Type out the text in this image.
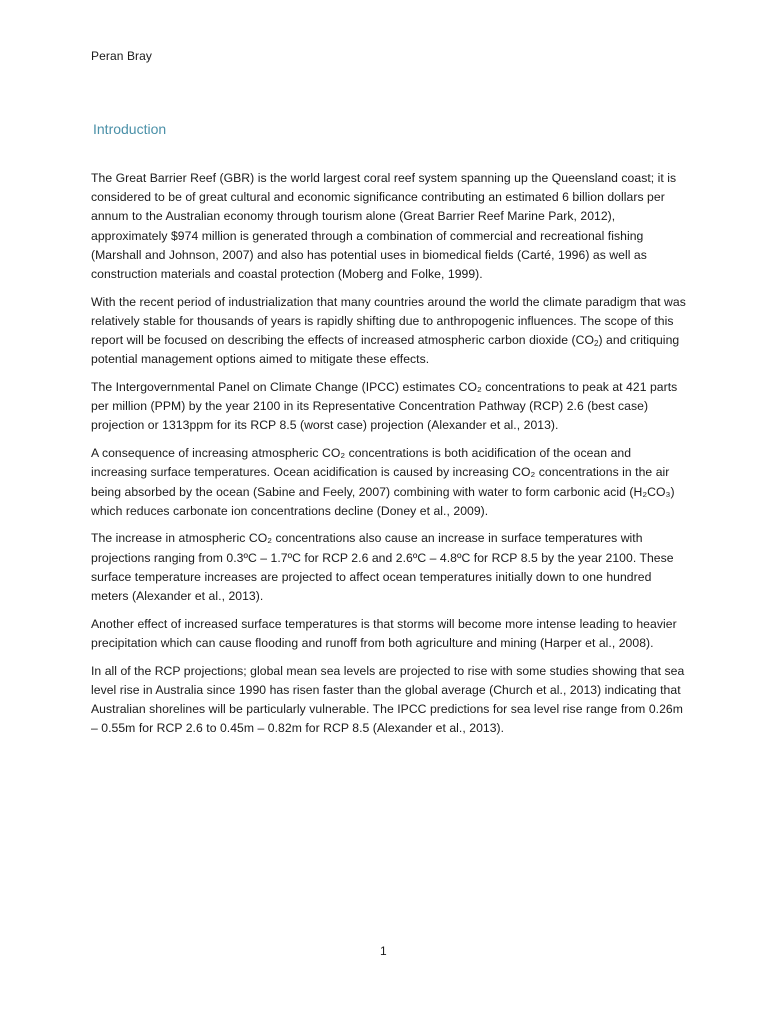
Peran Bray
Introduction

The Great Barrier Reef (GBR) is the world largest coral reef system spanning up the Queensland coast; it is considered to be of great cultural and economic significance contributing an estimated 6 billion dollars per annum to the Australian economy through tourism alone (Great Barrier Reef Marine Park, 2012), approximately $974 million is generated through a combination of commercial and recreational fishing (Marshall and Johnson, 2007) and also has potential uses in biomedical fields (Carté, 1996) as well as construction materials and coastal protection (Moberg and Folke, 1999).

With the recent period of industrialization that many countries around the world the climate paradigm that was relatively stable for thousands of years is rapidly shifting due to anthropogenic influences. The scope of this report will be focused on describing the effects of increased atmospheric carbon dioxide $(CO_2)$ and critiquing potential management options aimed to mitigate these effects.

The Intergovernmental Panel on Climate Change (IPCC) estimates CO₂ concentrations to peak at 421 parts per million (PPM) by the year 2100 in its Representative Concentration Pathway (RCP) 2.6 (best case) projection or 1313ppm for its RCP 8.5 (worst case) projection (Alexander et al., 2013).

A consequence of increasing atmospheric CO₂ concentrations is both acidification of the ocean and increasing surface temperatures. Ocean acidification is caused by increasing CO₂ concentrations in the air being absorbed by the ocean (Sabine and Feely, 2007) combining with water to form carbonic acid (H₂CO₃) which reduces carbonate ion concentrations decline (Doney et al., 2009).

The increase in atmospheric CO₂ concentrations also cause an increase in surface temperatures with projections ranging from 0.3ºC – 1.7ºC for RCP 2.6 and 2.6ºC – 4.8ºC for RCP 8.5 by the year 2100. These surface temperature increases are projected to affect ocean temperatures initially down to one hundred meters (Alexander et al., 2013).

Another effect of increased surface temperatures is that storms will become more intense leading to heavier precipitation which can cause flooding and runoff from both agriculture and mining (Harper et al., 2008).

In all of the RCP projections; global mean sea levels are projected to rise with some studies showing that sea level rise in Australia since 1990 has risen faster than the global average (Church et al., 2013) indicating that Australian shorelines will be particularly vulnerable. The IPCC predictions for sea level rise range from 0.26m – 0.55m for RCP 2.6 to 0.45m – 0.82m for RCP 8.5 (Alexander et al., 2013).

1
